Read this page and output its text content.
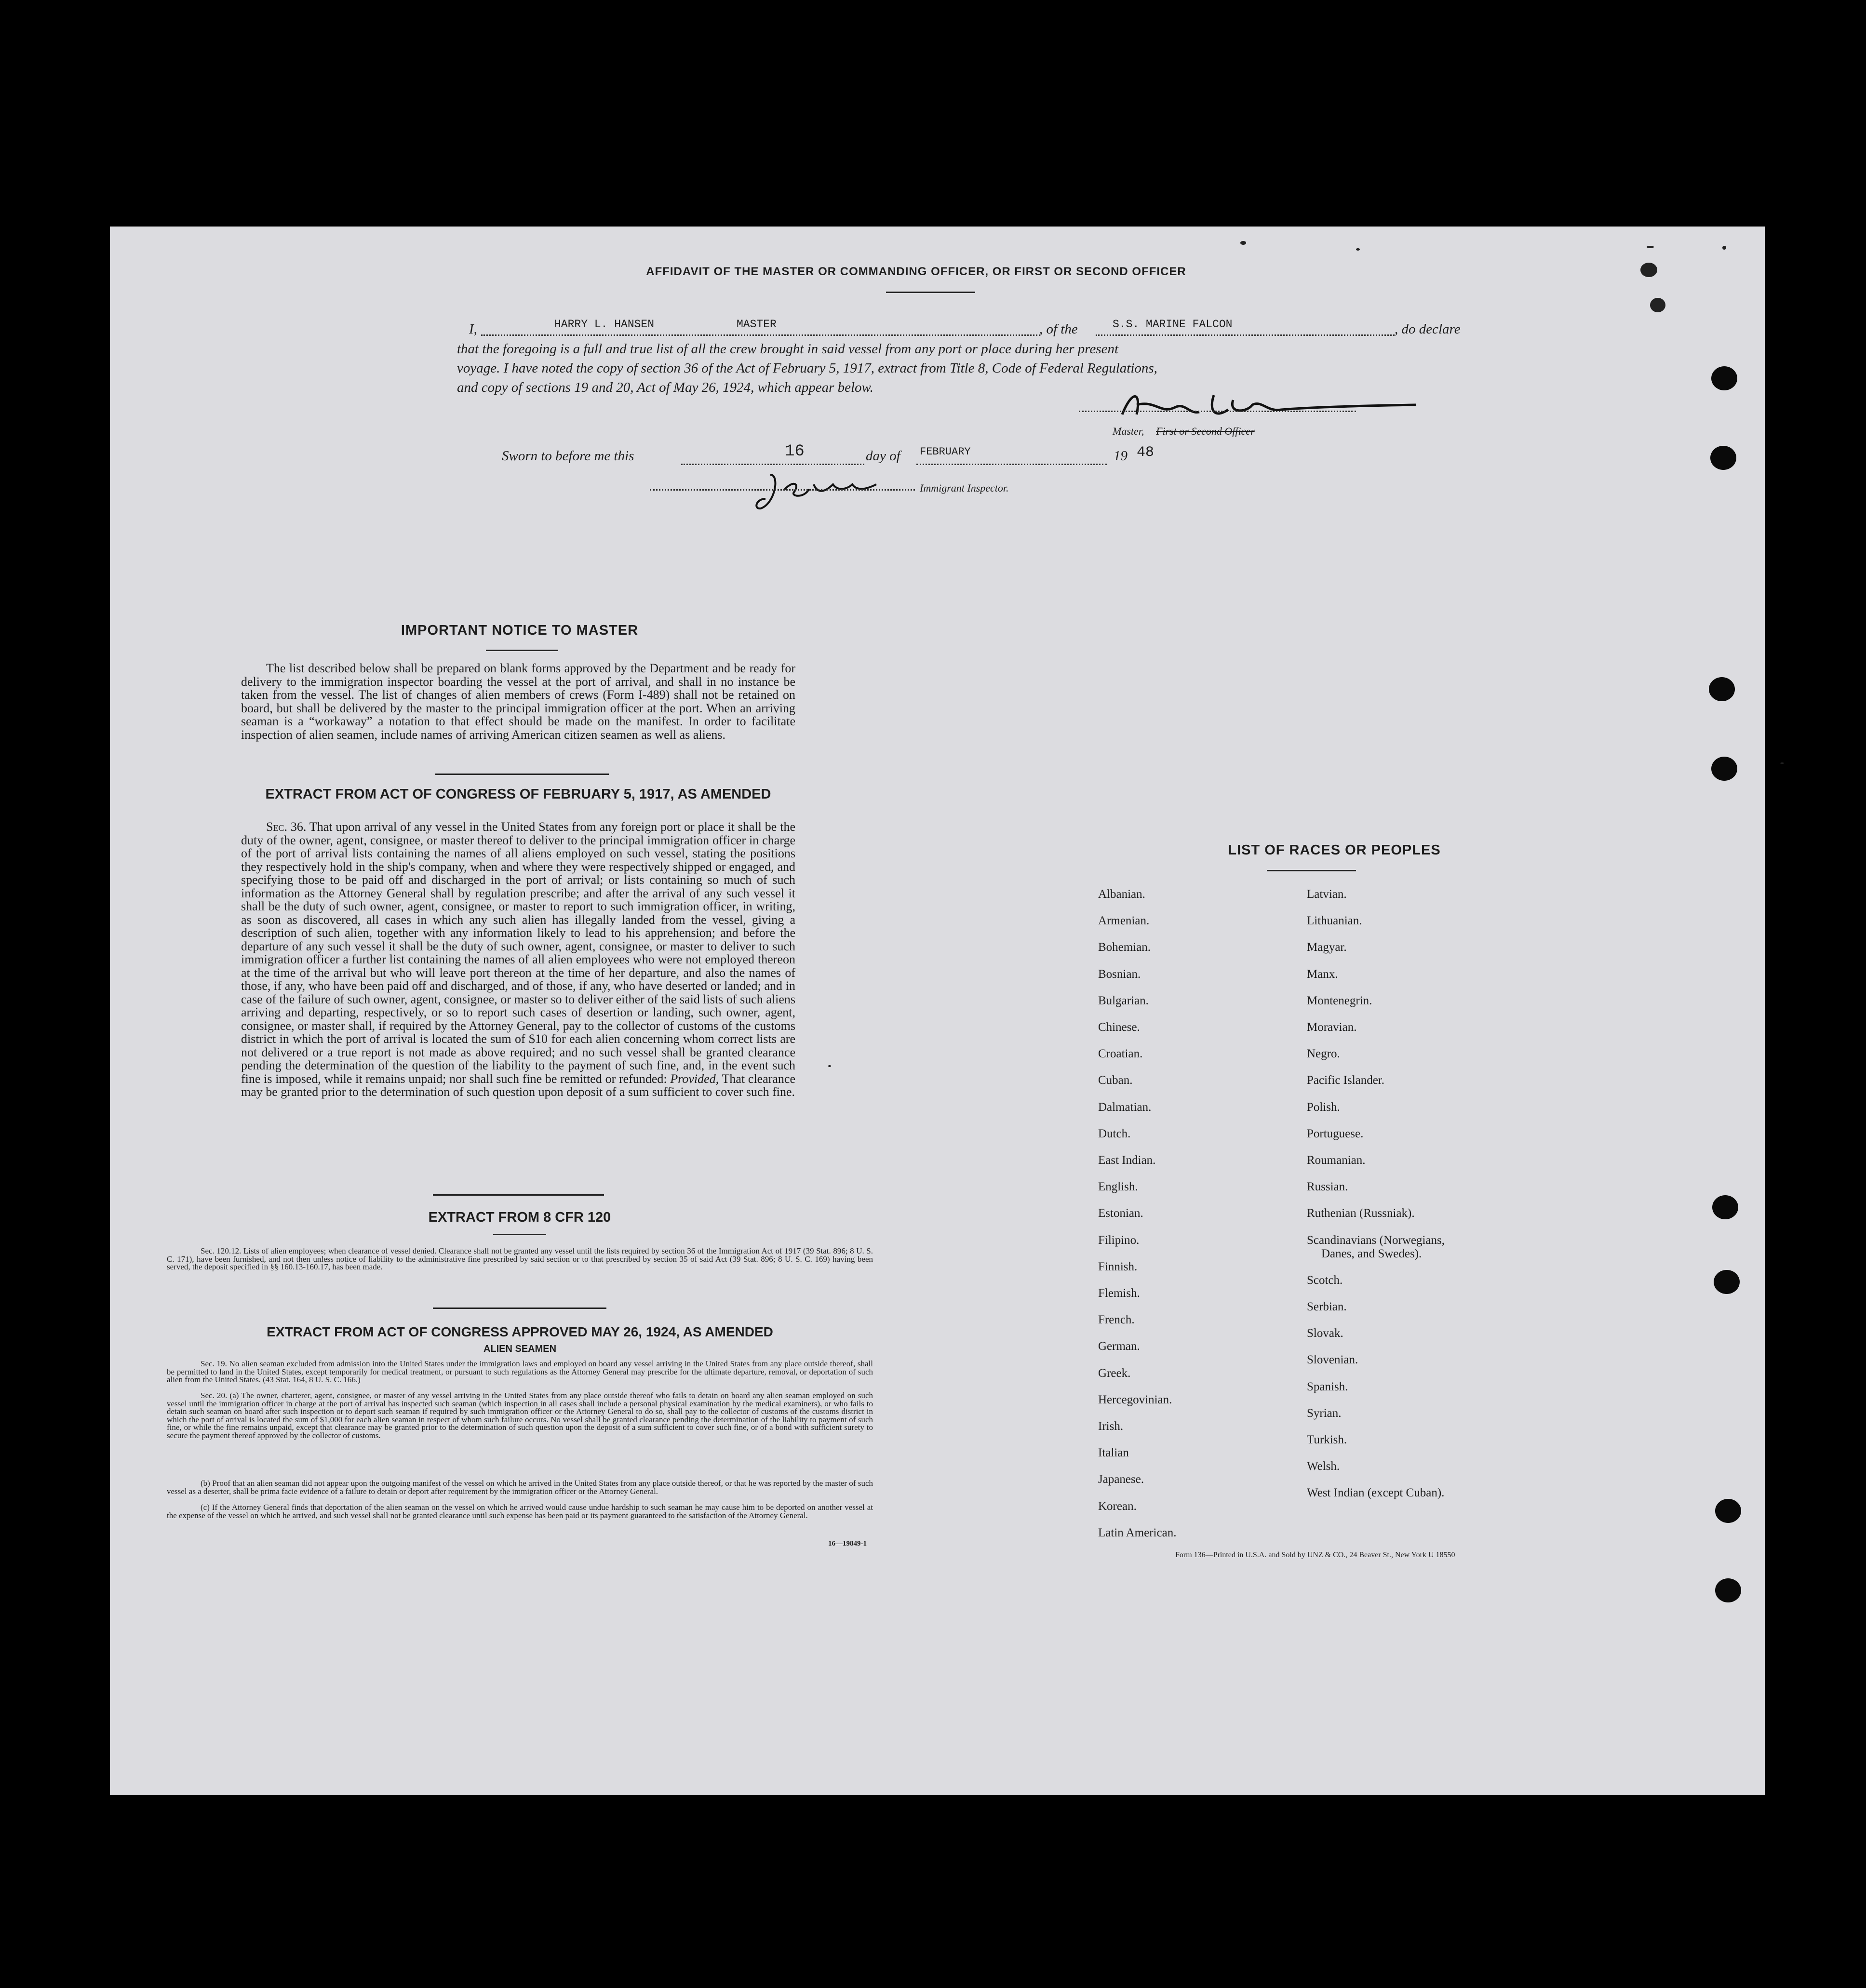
AFFIDAVIT OF THE MASTER OR COMMANDING OFFICER, OR FIRST OR SECOND OFFICER
I,	HARRY L. HANSEN	MASTER	, of the	S.S. MARINE FALCON	, do declare
that the foregoing is a full and true list of all the crew brought in said vessel from any port or place during her present
voyage. I have noted the copy of section 36 of the Act of February 5, 1917, extract from Title 8, Code of Federal Regulations,
and copy of sections 19 and 20, Act of May 26, 1924, which appear below.
Master, First or Second Officer
Sworn to before me this	16	day of FEBRUARY	19 48
Immigrant Inspector.
IMPORTANT NOTICE TO MASTER
The list described below shall be prepared on blank forms approved by the Department and be ready for delivery to the immigration inspector boarding the vessel at the port of arrival, and shall in no instance be taken from the vessel. The list of changes of alien members of crews (Form I-489) shall not be retained on board, but shall be delivered by the master to the principal immigration officer at the port. When an arriving seaman is a “workaway” a notation to that effect should be made on the manifest. In order to facilitate inspection of alien seamen, include names of arriving American citizen seamen as well as aliens.
EXTRACT FROM ACT OF CONGRESS OF FEBRUARY 5, 1917, AS AMENDED
Sec. 36. That upon arrival of any vessel in the United States from any foreign port or place it shall be the duty of the owner, agent, consignee, or master thereof to deliver to the principal immigration officer in charge of the port of arrival lists containing the names of all aliens employed on such vessel, stating the positions they respectively hold in the ship's company, when and where they were respectively shipped or engaged, and specifying those to be paid off and discharged in the port of arrival; or lists containing so much of such information as the Attorney General shall by regulation prescribe; and after the arrival of any such vessel it shall be the duty of such owner, agent, consignee, or master to report to such immigration officer, in writing, as soon as discovered, all cases in which any such alien has illegally landed from the vessel, giving a description of such alien, together with any information likely to lead to his apprehension; and before the departure of any such vessel it shall be the duty of such owner, agent, consignee, or master to deliver to such immigration officer a further list containing the names of all alien employees who were not employed thereon at the time of the arrival but who will leave port thereon at the time of her departure, and also the names of those, if any, who have been paid off and discharged, and of those, if any, who have deserted or landed; and in case of the failure of such owner, agent, consignee, or master so to deliver either of the said lists of such aliens arriving and departing, respectively, or so to report such cases of desertion or landing, such owner, agent, consignee, or master shall, if required by the Attorney General, pay to the collector of customs of the customs district in which the port of arrival is located the sum of $10 for each alien concerning whom correct lists are not delivered or a true report is not made as above required; and no such vessel shall be granted clearance pending the determination of the question of the liability to the payment of such fine, and, in the event such fine is imposed, while it remains unpaid; nor shall such fine be remitted or refunded: Provided, That clearance may be granted prior to the determination of such question upon deposit of a sum sufficient to cover such fine.
EXTRACT FROM 8 CFR 120
Sec. 120.12. Lists of alien employees; when clearance of vessel denied. Clearance shall not be granted any vessel until the lists required by section 36 of the Immigration Act of 1917 (39 Stat. 896; 8 U. S. C. 171), have been furnished, and not then unless notice of liability to the administrative fine prescribed by said section or to that prescribed by section 35 of said Act (39 Stat. 896; 8 U. S. C. 169) having been served, the deposit specified in §§ 160.13-160.17, has been made.
EXTRACT FROM ACT OF CONGRESS APPROVED MAY 26, 1924, AS AMENDED
ALIEN SEAMEN
Sec. 19. No alien seaman excluded from admission into the United States under the immigration laws and employed on board any vessel arriving in the United States from any place outside thereof, shall be permitted to land in the United States, except temporarily for medical treatment, or pursuant to such regulations as the Attorney General may prescribe for the ultimate departure, removal, or deportation of such alien from the United States. (43 Stat. 164, 8 U. S. C. 166.)
Sec. 20. (a) The owner, charterer, agent, consignee, or master of any vessel arriving in the United States from any place outside thereof who fails to detain on board any alien seaman employed on such vessel until the immigration officer in charge at the port of arrival has inspected such seaman (which inspection in all cases shall include a personal physical examination by the medical examiners), or who fails to detain such seaman on board after such inspection or to deport such seaman if required by such immigration officer or the Attorney General to do so, shall pay to the collector of customs of the customs district in which the port of arrival is located the sum of $1,000 for each alien seaman in respect of whom such failure occurs. No vessel shall be granted clearance pending the determination of the liability to payment of such fine, or while the fine remains unpaid, except that clearance may be granted prior to the determination of such question upon the deposit of a sum sufficient to cover such fine, or of a bond with sufficient surety to secure the payment thereof approved by the collector of customs.
(b) Proof that an alien seaman did not appear upon the outgoing manifest of the vessel on which he arrived in the United States from any place outside thereof, or that he was reported by the master of such vessel as a deserter, shall be prima facie evidence of a failure to detain or deport after requirement by the immigration officer or the Attorney General.
(c) If the Attorney General finds that deportation of the alien seaman on the vessel on which he arrived would cause undue hardship to such seaman he may cause him to be deported on another vessel at the expense of the vessel on which he arrived, and such vessel shall not be granted clearance until such expense has been paid or its payment guaranteed to the satisfaction of the Attorney General.
16—19849-1
LIST OF RACES OR PEOPLES
Form 136—Printed in U.S.A. and Sold by UNZ & CO., 24 Beaver St., New York U 18550
Albanian.
Armenian.
Bohemian.
Bosnian.
Bulgarian.
Chinese.
Croatian.
Cuban.
Dalmatian.
Dutch.
East Indian.
English.
Estonian.
Filipino.
Finnish.
Flemish.
French.
German.
Greek.
Hercegovinian.
Irish.
Italian
Japanese.
Korean.
Latin American.
Latvian.
Lithuanian.
Magyar.
Manx.
Montenegrin.
Moravian.
Negro.
Pacific Islander.
Polish.
Portuguese.
Roumanian.
Russian.
Ruthenian (Russniak).
Scandinavians (Norwegians,
Danes, and Swedes).
Scotch.
Serbian.
Slovak.
Slovenian.
Spanish.
Syrian.
Turkish.
Welsh.
West Indian (except Cuban).
